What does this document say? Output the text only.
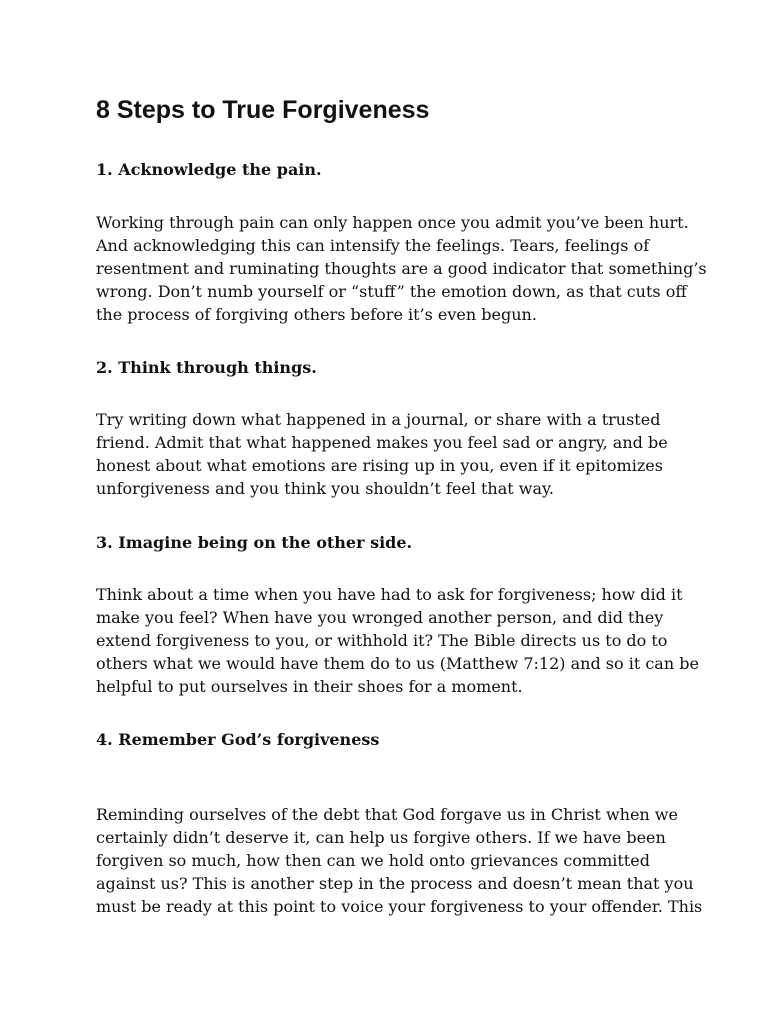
8 Steps to True Forgiveness
1. Acknowledge the pain.
Working through pain can only happen once you admit you’ve been hurt.
And acknowledging this can intensify the feelings. Tears, feelings of
resentment and ruminating thoughts are a good indicator that something’s
wrong. Don’t numb yourself or “stuff” the emotion down, as that cuts off
the process of forgiving others before it’s even begun.
2. Think through things.
Try writing down what happened in a journal, or share with a trusted
friend. Admit that what happened makes you feel sad or angry, and be
honest about what emotions are rising up in you, even if it epitomizes
unforgiveness and you think you shouldn’t feel that way.
3. Imagine being on the other side.
Think about a time when you have had to ask for forgiveness; how did it
make you feel? When have you wronged another person, and did they
extend forgiveness to you, or withhold it? The Bible directs us to do to
others what we would have them do to us (Matthew 7:12) and so it can be
helpful to put ourselves in their shoes for a moment.
4. Remember God’s forgiveness
Reminding ourselves of the debt that God forgave us in Christ when we
certainly didn’t deserve it, can help us forgive others. If we have been
forgiven so much, how then can we hold onto grievances committed
against us? This is another step in the process and doesn’t mean that you
must be ready at this point to voice your forgiveness to your offender. This
